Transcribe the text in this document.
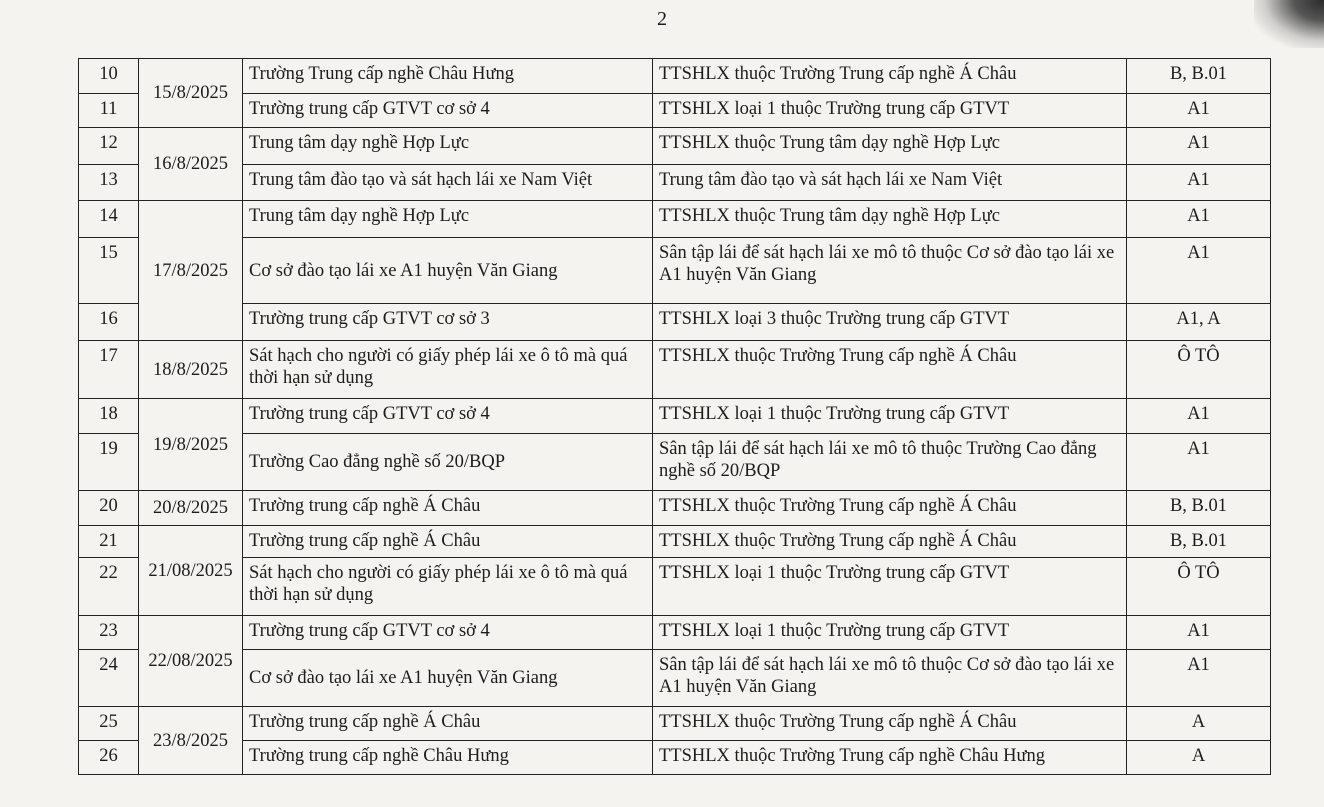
2
10	15/8/2025	Trường Trung cấp nghề Châu Hưng	TTSHLX thuộc Trường Trung cấp nghề Á Châu	B, B.01
11		Trường trung cấp GTVT cơ sở 4	TTSHLX loại 1 thuộc Trường trung cấp GTVT	A1
12	16/8/2025	Trung tâm dạy nghề Hợp Lực	TTSHLX thuộc Trung tâm dạy nghề Hợp Lực	A1
13		Trung tâm đào tạo và sát hạch lái xe Nam Việt	Trung tâm đào tạo và sát hạch lái xe Nam Việt	A1
14	17/8/2025	Trung tâm dạy nghề Hợp Lực	TTSHLX thuộc Trung tâm dạy nghề Hợp Lực	A1
15		Cơ sở đào tạo lái xe A1 huyện Văn Giang	Sân tập lái để sát hạch lái xe mô tô thuộc Cơ sở đào tạo lái xe A1 huyện Văn Giang	A1
16		Trường trung cấp GTVT cơ sở 3	TTSHLX loại 3 thuộc Trường trung cấp GTVT	A1, A
17	18/8/2025	Sát hạch cho người có giấy phép lái xe ô tô mà quá thời hạn sử dụng	TTSHLX thuộc Trường Trung cấp nghề Á Châu	Ô TÔ
18	19/8/2025	Trường trung cấp GTVT cơ sở 4	TTSHLX loại 1 thuộc Trường trung cấp GTVT	A1
19		Trường Cao đẳng nghề số 20/BQP	Sân tập lái để sát hạch lái xe mô tô thuộc Trường Cao đẳng nghề số 20/BQP	A1
20	20/8/2025	Trường trung cấp nghề Á Châu	TTSHLX thuộc Trường Trung cấp nghề Á Châu	B, B.01
21	21/08/2025	Trường trung cấp nghề Á Châu	TTSHLX thuộc Trường Trung cấp nghề Á Châu	B, B.01
22		Sát hạch cho người có giấy phép lái xe ô tô mà quá thời hạn sử dụng	TTSHLX loại 1 thuộc Trường trung cấp GTVT	Ô TÔ
23	22/08/2025	Trường trung cấp GTVT cơ sở 4	TTSHLX loại 1 thuộc Trường trung cấp GTVT	A1
24		Cơ sở đào tạo lái xe A1 huyện Văn Giang	Sân tập lái để sát hạch lái xe mô tô thuộc Cơ sở đào tạo lái xe A1 huyện Văn Giang	A1
25	23/8/2025	Trường trung cấp nghề Á Châu	TTSHLX thuộc Trường Trung cấp nghề Á Châu	A
26		Trường trung cấp nghề Châu Hưng	TTSHLX thuộc Trường Trung cấp nghề Châu Hưng	A
